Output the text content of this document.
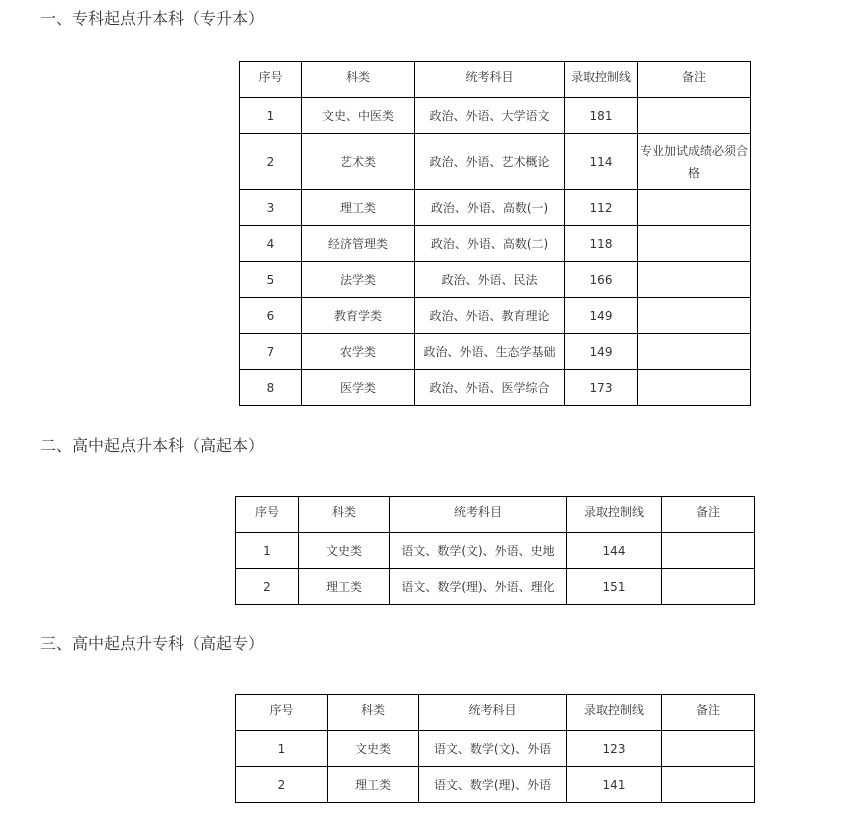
一、专科起点升本科（专升本）
序号	科类	统考科目	录取控制线	备注
1	文史、中医类	政治、外语、大学语文	181	
2	艺术类	政治、外语、艺术概论	114	专业加试成绩必须合格
3	理工类	政治、外语、高数(一)	112	
4	经济管理类	政治、外语、高数(二)	118	
5	法学类	政治、外语、民法	166	
6	教育学类	政治、外语、教育理论	149	
7	农学类	政治、外语、生态学基础	149	
8	医学类	政治、外语、医学综合	173	
二、高中起点升本科（高起本）
序号	科类	统考科目	录取控制线	备注
1	文史类	语文、数学(文)、外语、史地	144	
2	理工类	语文、数学(理)、外语、理化	151	
三、高中起点升专科（高起专）
序号	科类	统考科目	录取控制线	备注
1	文史类	语文、数学(文)、外语	123	
2	理工类	语文、数学(理)、外语	141	
